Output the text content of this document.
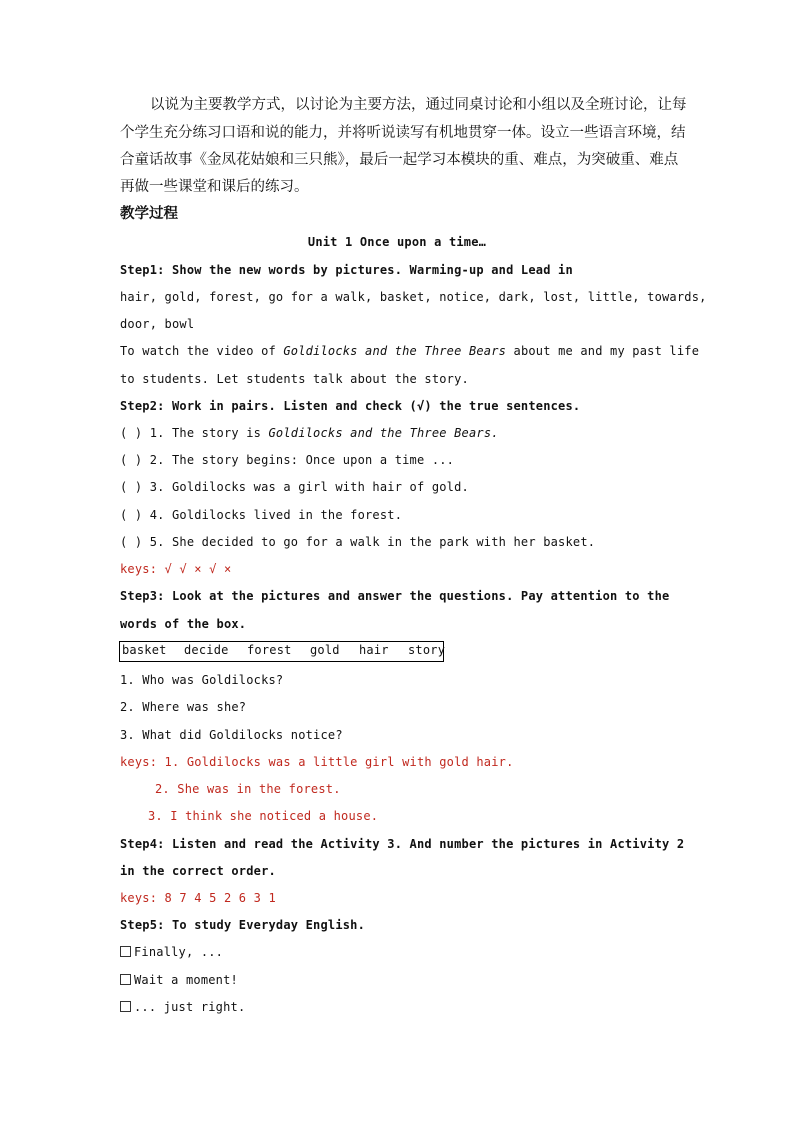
以说为主要教学方式，以讨论为主要方法，通过同桌讨论和小组以及全班讨论，让每
个学生充分练习口语和说的能力，并将听说读写有机地贯穿一体。设立一些语言环境，结
合童话故事《金凤花姑娘和三只熊》，最后一起学习本模块的重、难点，为突破重、难点
再做一些课堂和课后的练习。
教学过程
Unit 1 Once upon a time…
Step1: Show the new words by pictures. Warming-up and Lead in
hair, gold, forest, go for a walk, basket, notice, dark, lost, little, towards,
door, bowl
To watch the video of Goldilocks and the Three Bears about me and my past life
to students. Let students talk about the story.
Step2: Work in pairs. Listen and check (√) the true sentences.
( ) 1. The story is Goldilocks and the Three Bears.
( ) 2. The story begins: Once upon a time ...
( ) 3. Goldilocks was a girl with hair of gold.
( ) 4. Goldilocks lived in the forest.
( ) 5. She decided to go for a walk in the park with her basket.
keys: √ √ × √ ×
Step3: Look at the pictures and answer the questions. Pay attention to the
words of the box.
basket decide forest gold hair story
1. Who was Goldilocks?
2. Where was she?
3. What did Goldilocks notice?
keys: 1. Goldilocks was a little girl with gold hair.
2. She was in the forest.
3. I think she noticed a house.
Step4: Listen and read the Activity 3. And number the pictures in Activity 2
in the correct order.
keys: 8 7 4 5 2 6 3 1
Step5: To study Everyday English.
Finally, ...
Wait a moment!
... just right.
